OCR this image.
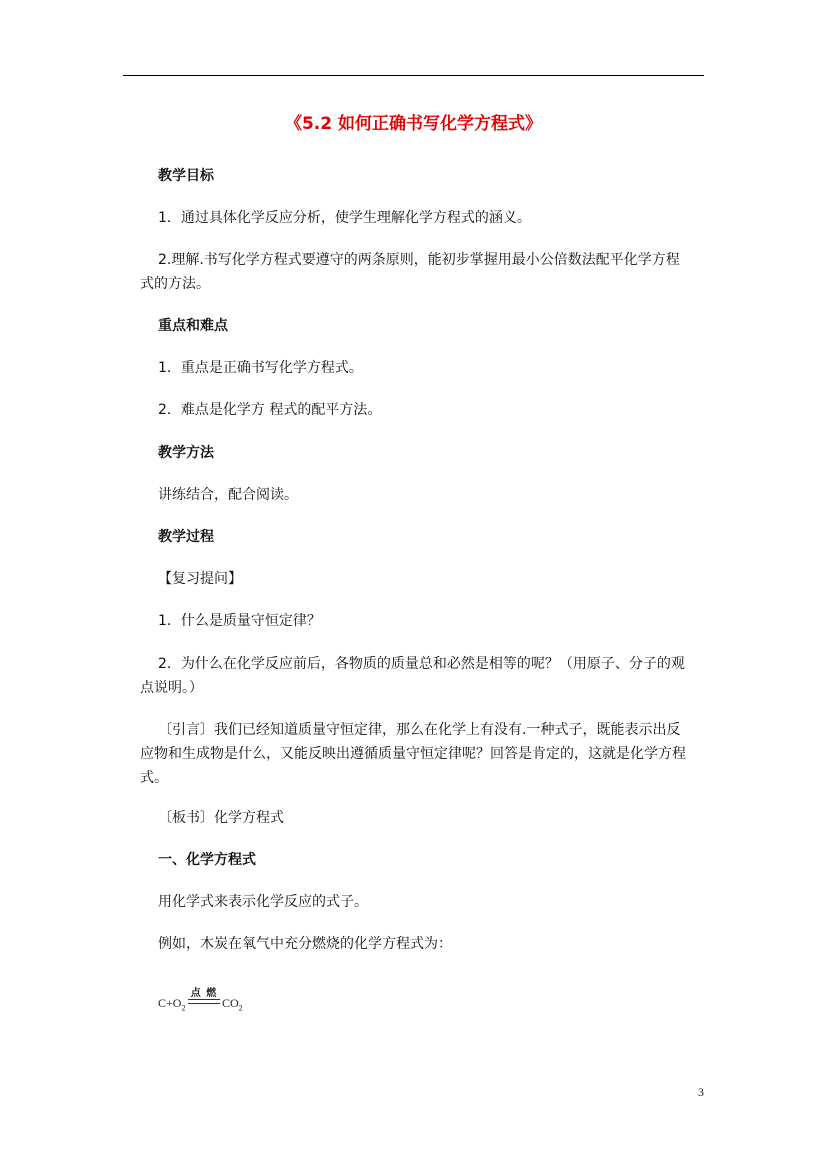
《5.2 如何正确书写化学方程式》
教学目标
1．通过具体化学反应分析，使学生理解化学方程式的涵义。
2.理解.书写化学方程式要遵守的两条原则，能初步掌握用最小公倍数法配平化学方程
式的方法。
重点和难点
1．重点是正确书写化学方程式。
2．难点是化学方 程式的配平方法。
教学方法
讲练结合，配合阅读。
教学过程
【复习提问】
1．什么是质量守恒定律？
2．为什么在化学反应前后，各物质的质量总和必然是相等的呢？（用原子、分子的观
点说明。）
〔引言〕我们已经知道质量守恒定律，那么在化学上有没有.一种式子，既能表示出反
应物和生成物是什么，又能反映出遵循质量守恒定律呢？回答是肯定的，这就是化学方程
式。
〔板书〕化学方程式
一、化学方程式
用化学式来表示化学反应的式子。
例如，木炭在氧气中充分燃烧的化学方程式为：
$C+O_2$
点 燃
$CO_2$
3
